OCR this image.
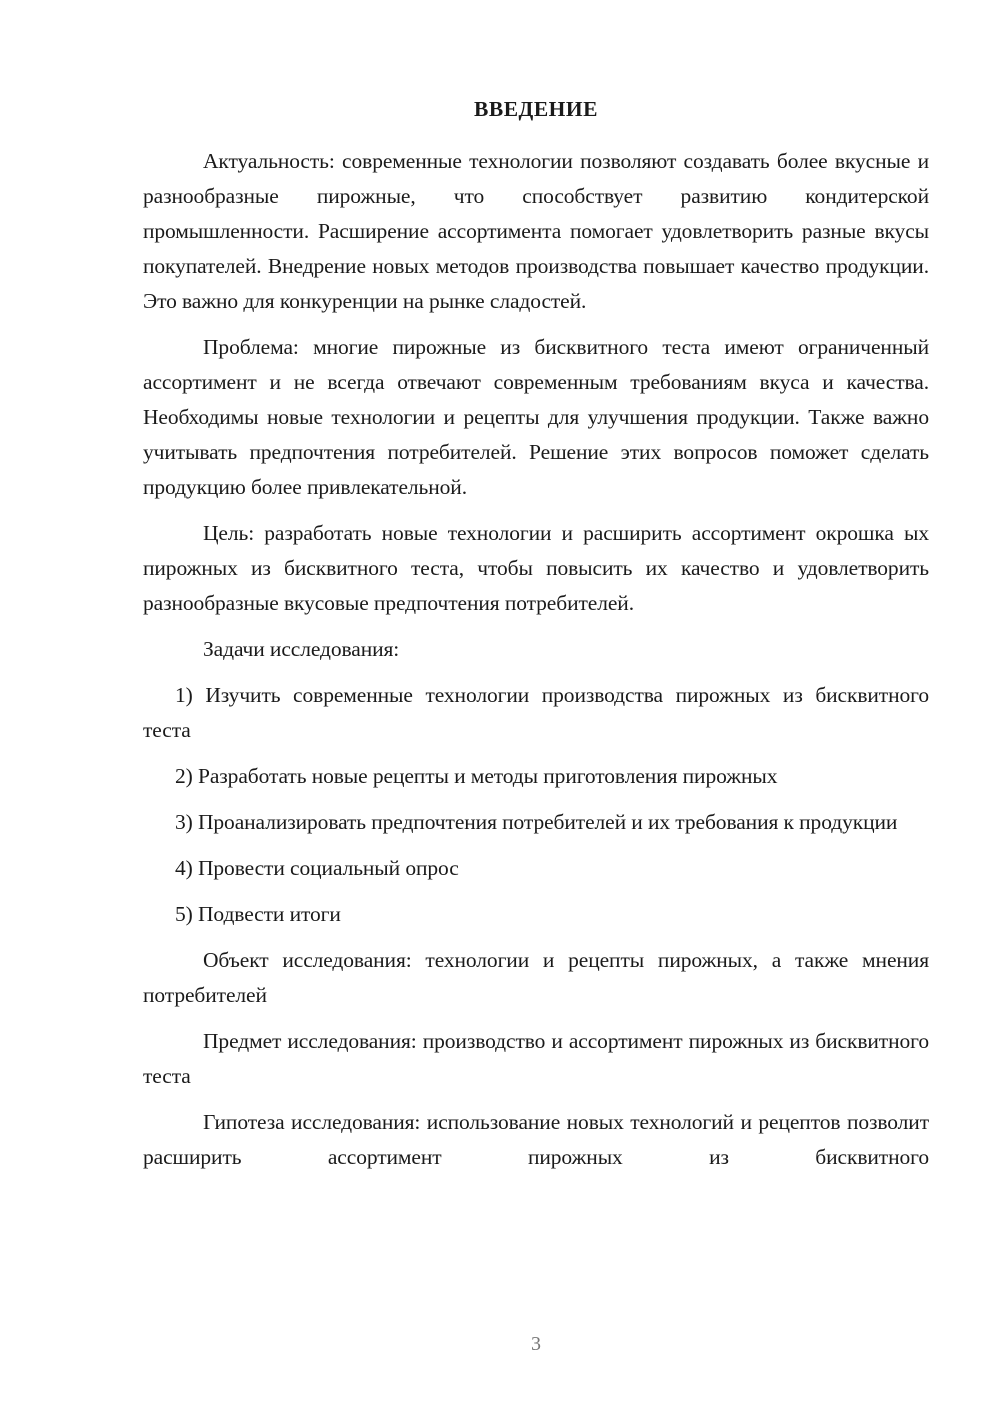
ВВЕДЕНИЕ

Актуальность: современные технологии позволяют создавать более вкусные и разнообразные пирожные, что способствует развитию кондитерской промышленности. Расширение ассортимента помогает удовлетворить разные вкусы покупателей. Внедрение новых методов производства повышает качество продукции. Это важно для конкуренции на рынке сладостей.

Проблема: многие пирожные из бисквитного теста имеют ограниченный ассортимент и не всегда отвечают современным требованиям вкуса и качества. Необходимы новые технологии и рецепты для улучшения продукции. Также важно учитывать предпочтения потребителей. Решение этих вопросов поможет сделать продукцию более привлекательной.

Цель: разработать новые технологии и расширить ассортимент окрошка ых пирожных из бисквитного теста, чтобы повысить их качество и удовлетворить разнообразные вкусовые предпочтения потребителей.

Задачи исследования:

1) Изучить современные технологии производства пирожных из бисквитного теста

2) Разработать новые рецепты и методы приготовления пирожных

3) Проанализировать предпочтения потребителей и их требования к продукции

4) Провести социальный опрос

5) Подвести итоги

Объект исследования: технологии и рецепты пирожных, а также мнения потребителей

Предмет исследования: производство и ассортимент пирожных из бисквитного теста

Гипотеза исследования: использование новых технологий и рецептов позволит расширить ассортимент пирожных из бисквитного

3
